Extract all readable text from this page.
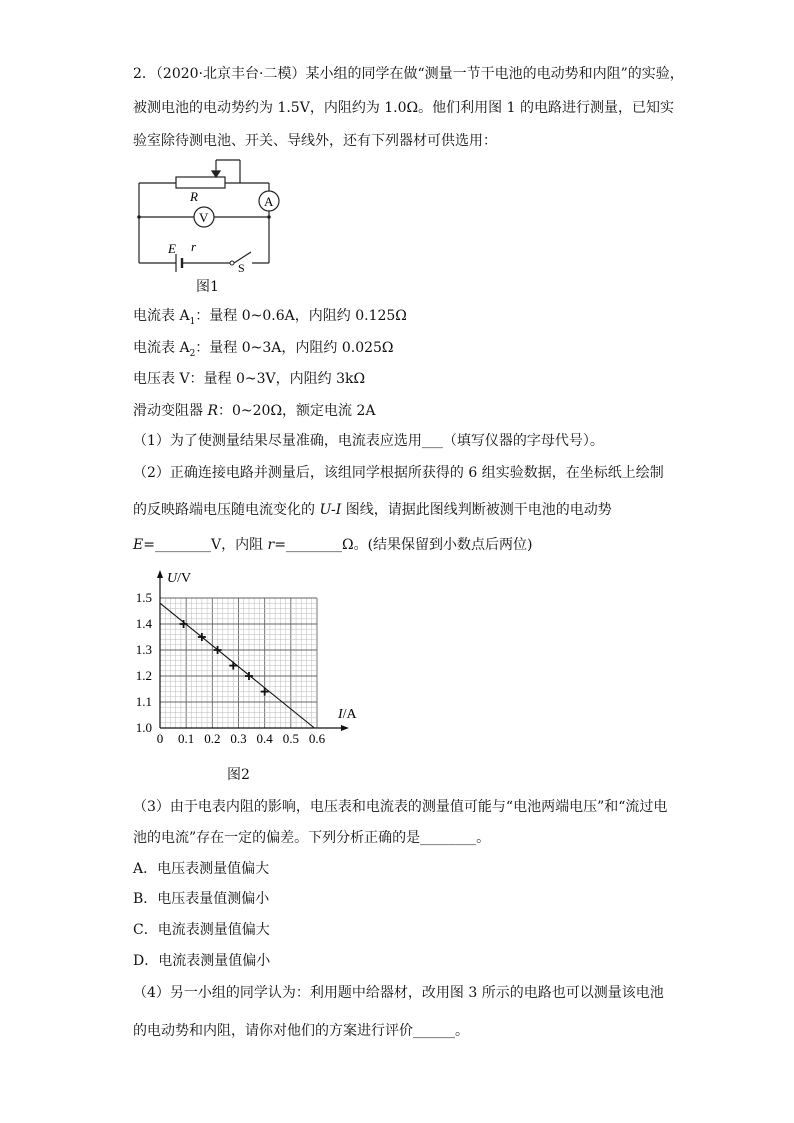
2．（2020·北京丰台·二模）某小组的同学在做“测量一节干电池的电动势和内阻”的实验，
被测电池的电动势约为 1.5V，内阻约为 1.0Ω。他们利用图 1 的电路进行测量，已知实
验室除待测电池、开关、导线外，还有下列器材可供选用：
R	A
V
E r
S
图1
电流表 $A_1$：量程 0~0.6A，内阻约 0.125Ω
电流表 $A_2$：量程 0~3A，内阻约 0.025Ω
电压表 V：量程 0~3V，内阻约 3kΩ
滑动变阻器 R：0~20Ω，额定电流 2A
（1）为了使测量结果尽量准确，电流表应选用___（填写仪器的字母代号）。
（2）正确连接电路并测量后，该组同学根据所获得的 6 组实验数据，在坐标纸上绘制
的反映路端电压随电流变化的 U-I 图线，请据此图线判断被测干电池的电动势
E=________V，内阻 r=________Ω。(结果保留到小数点后两位)
0 0.1 0.2 0.3 0.4 0.5 0.6
1.0
1.1
1.2
1.3
1.4
1.5
U/V
I/A
图2
（3）由于电表内阻的影响，电压表和电流表的测量值可能与“电池两端电压”和“流过电
池的电流”存在一定的偏差。下列分析正确的是________。
A．电压表测量值偏大
B．电压表量值测偏小
C．电流表测量值偏大
D．电流表测量值偏小
（4）另一小组的同学认为：利用题中给器材，改用图 3 所示的电路也可以测量该电池
的电动势和内阻，请你对他们的方案进行评价______。
